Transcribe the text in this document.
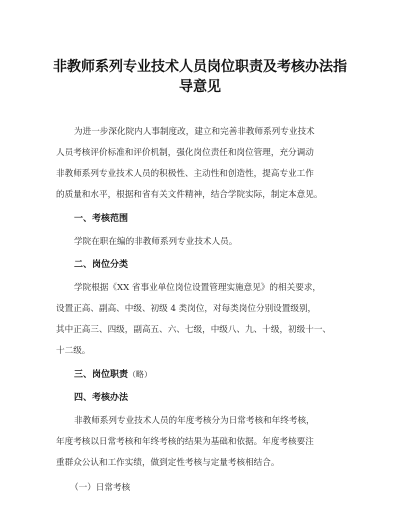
非教师系列专业技术人员岗位职责及考核办法指
导意见
为进一步深化院内人事制度改，建立和完善非教师系列专业技术
人员考核评价标准和评价机制，强化岗位责任和岗位管理，充分调动
非教师系列专业技术人员的积极性、主动性和创造性，提高专业工作
的质量和水平，根据和省有关文件精神，结合学院实际，制定本意见。
一、考核范围
学院在职在编的非教师系列专业技术人员。
二、岗位分类
学院根据《XX 省事业单位岗位设置管理实施意见》的相关要求，
设置正高、副高、中级、初级 4 类岗位，对每类岗位分别设置级别，
其中正高三、四级，副高五、六、七级，中级八、九、十级，初级十一、
十二级。
三、岗位职责（略）
四、考核办法
非教师系列专业技术人员的年度考核分为日常考核和年终考核，
年度考核以日常考核和年终考核的结果为基础和依据。年度考核要注
重群众公认和工作实绩，做到定性考核与定量考核相结合。
（一）日常考核
